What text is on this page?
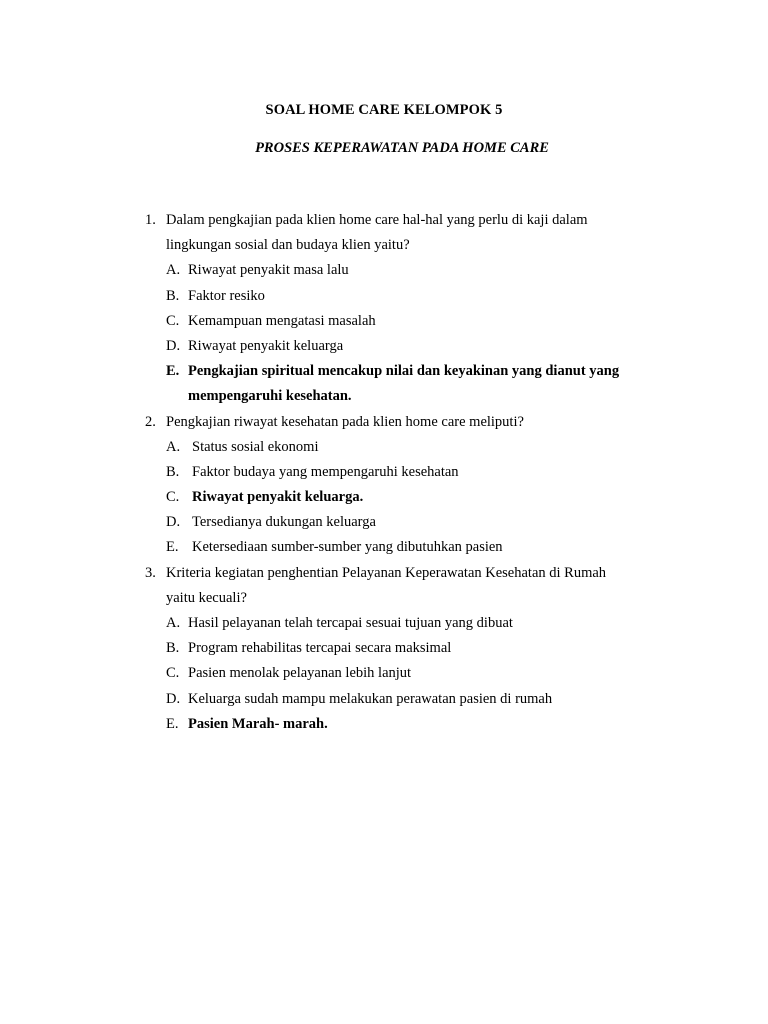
SOAL HOME CARE KELOMPOK 5
PROSES KEPERAWATAN PADA HOME CARE
1. Dalam pengkajian pada klien home care hal-hal yang perlu di kaji dalam
lingkungan sosial dan budaya klien yaitu?
A. Riwayat penyakit masa lalu
B. Faktor resiko
C. Kemampuan mengatasi masalah
D. Riwayat penyakit keluarga
E. Pengkajian spiritual mencakup nilai dan keyakinan yang dianut yang
mempengaruhi kesehatan.
2. Pengkajian riwayat kesehatan pada klien home care meliputi?
A. Status sosial ekonomi
B. Faktor budaya yang mempengaruhi kesehatan
C. Riwayat penyakit keluarga.
D. Tersedianya dukungan keluarga
E. Ketersediaan sumber-sumber yang dibutuhkan pasien
3. Kriteria kegiatan penghentian Pelayanan Keperawatan Kesehatan di Rumah
yaitu kecuali?
A. Hasil pelayanan telah tercapai sesuai tujuan yang dibuat
B. Program rehabilitas tercapai secara maksimal
C. Pasien menolak pelayanan lebih lanjut
D. Keluarga sudah mampu melakukan perawatan pasien di rumah
E. Pasien Marah- marah.
